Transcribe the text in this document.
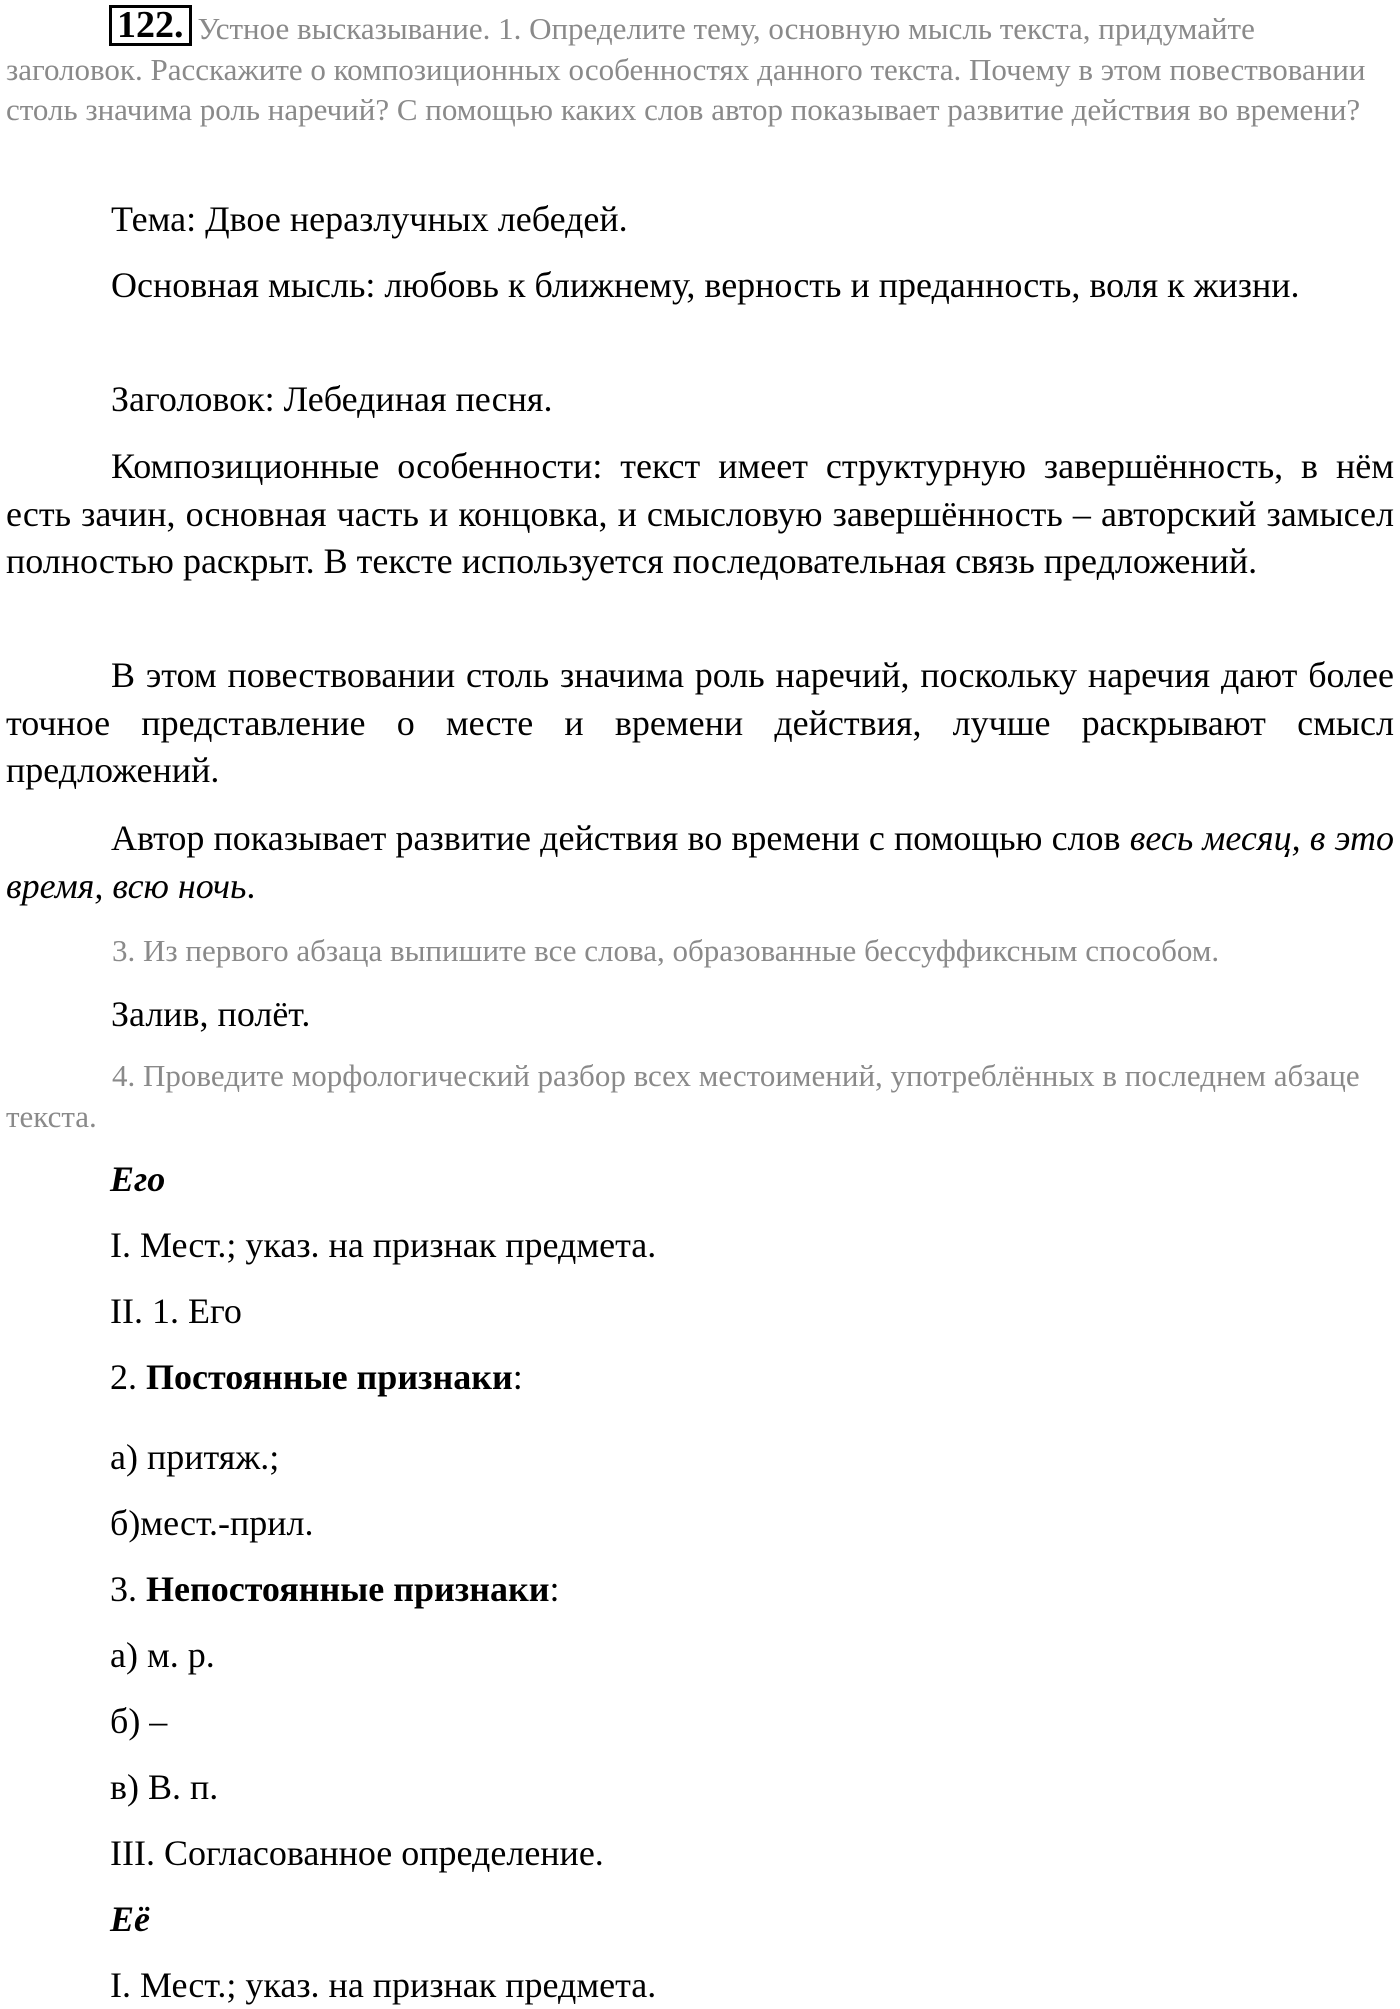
122. Устное высказывание. 1. Определите тему, основную мысль текста, придумайте заголовок. Расскажите о композиционных особенностях данного текста. Почему в этом повествовании столь значима роль наречий? С помощью каких слов автор показывает развитие действия во времени?

Тема: Двое неразлучных лебедей.

Основная мысль: любовь к ближнему, верность и преданность, воля к жизни.

Заголовок: Лебединая песня.

Композиционные особенности: текст имеет структурную завершённость, в нём есть зачин, основная часть и концовка, и смысловую завершённость – авторский замысел полностью раскрыт. В тексте используется последовательная связь предложений.

В этом повествовании столь значима роль наречий, поскольку наречия дают более точное представление о месте и времени действия, лучше раскрывают смысл предложений.

Автор показывает развитие действия во времени с помощью слов весь месяц, в это время, всю ночь.

3. Из первого абзаца выпишите все слова, образованные бессуффиксным способом.

Залив, полёт.

4. Проведите морфологический разбор всех местоимений, употреблённых в последнем абзаце текста.

Его

I. Мест.; указ. на признак предмета.

II. 1. Его

2. Постоянные признаки:

а) притяж.;

б)мест.-прил.

3. Непостоянные признаки:

а) м. р.

б) –

в) В. п.

III. Согласованное определение.

Её

I. Мест.; указ. на признак предмета.
